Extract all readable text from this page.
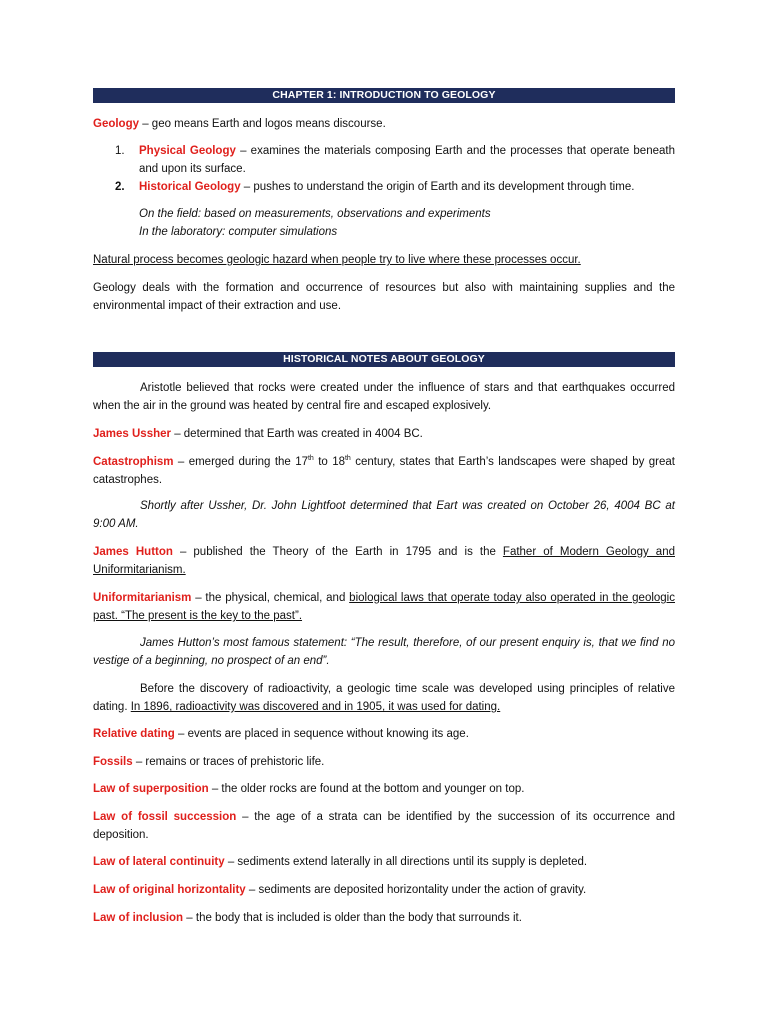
CHAPTER 1: INTRODUCTION TO GEOLOGY

Geology – geo means Earth and logos means discourse.

1.	Physical Geology – examines the materials composing Earth and the processes that operate beneath and upon its surface.
2.	Historical Geology – pushes to understand the origin of Earth and its development through time.

On the field: based on measurements, observations and experiments

In the laboratory: computer simulations

Natural process becomes geologic hazard when people try to live where these processes occur.

Geology deals with the formation and occurrence of resources but also with maintaining supplies and the environmental impact of their extraction and use.

HISTORICAL NOTES ABOUT GEOLOGY

Aristotle believed that rocks were created under the influence of stars and that earthquakes occurred when the air in the ground was heated by central fire and escaped explosively.

James Ussher – determined that Earth was created in 4004 BC.

Catastrophism – emerged during the 17th to 18th century, states that Earth’s landscapes were shaped by great catastrophes.

Shortly after Ussher, Dr. John Lightfoot determined that Eart was created on October 26, 4004 BC at 9:00 AM.

James Hutton – published the Theory of the Earth in 1795 and is the Father of Modern Geology and Uniformitarianism.

Uniformitarianism – the physical, chemical, and biological laws that operate today also operated in the geologic past. “The present is the key to the past”.

James Hutton’s most famous statement: “The result, therefore, of our present enquiry is, that we find no vestige of a beginning, no prospect of an end”.

Before the discovery of radioactivity, a geologic time scale was developed using principles of relative dating. In 1896, radioactivity was discovered and in 1905, it was used for dating.

Relative dating – events are placed in sequence without knowing its age.

Fossils – remains or traces of prehistoric life.

Law of superposition – the older rocks are found at the bottom and younger on top.

Law of fossil succession – the age of a strata can be identified by the succession of its occurrence and deposition.

Law of lateral continuity – sediments extend laterally in all directions until its supply is depleted.

Law of original horizontality – sediments are deposited horizontality under the action of gravity.

Law of inclusion – the body that is included is older than the body that surrounds it.
